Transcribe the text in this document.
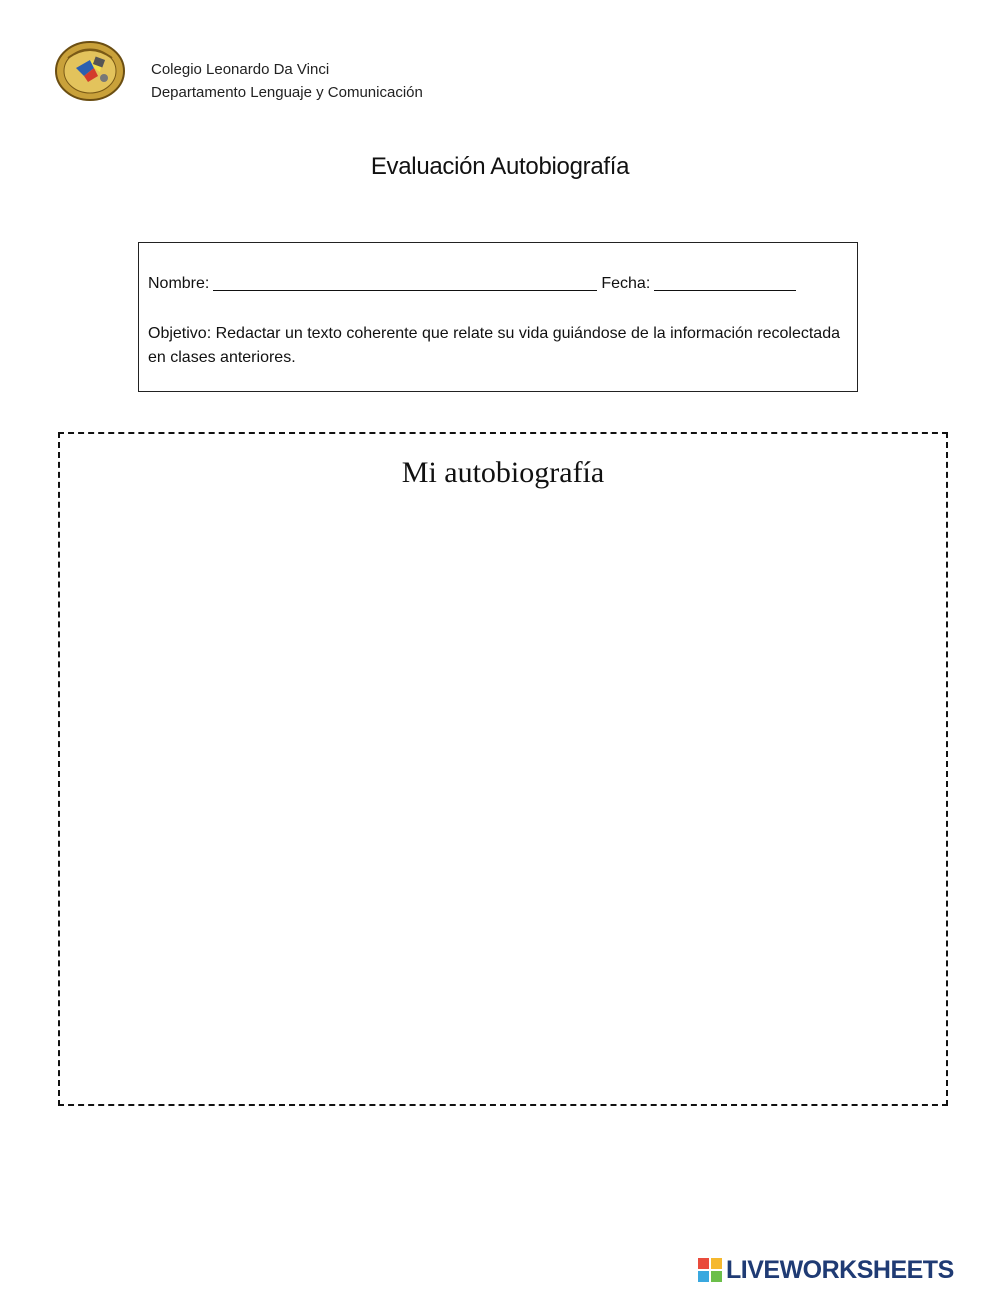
Colegio Leonardo Da Vinci
Departamento Lenguaje y Comunicación
Evaluación Autobiografía
Nombre:	Fecha:
Objetivo: Redactar un texto coherente que relate su vida guiándose de la información recolectada en clases anteriores.
Mi autobiografía
LIVEWORKSHEETS
